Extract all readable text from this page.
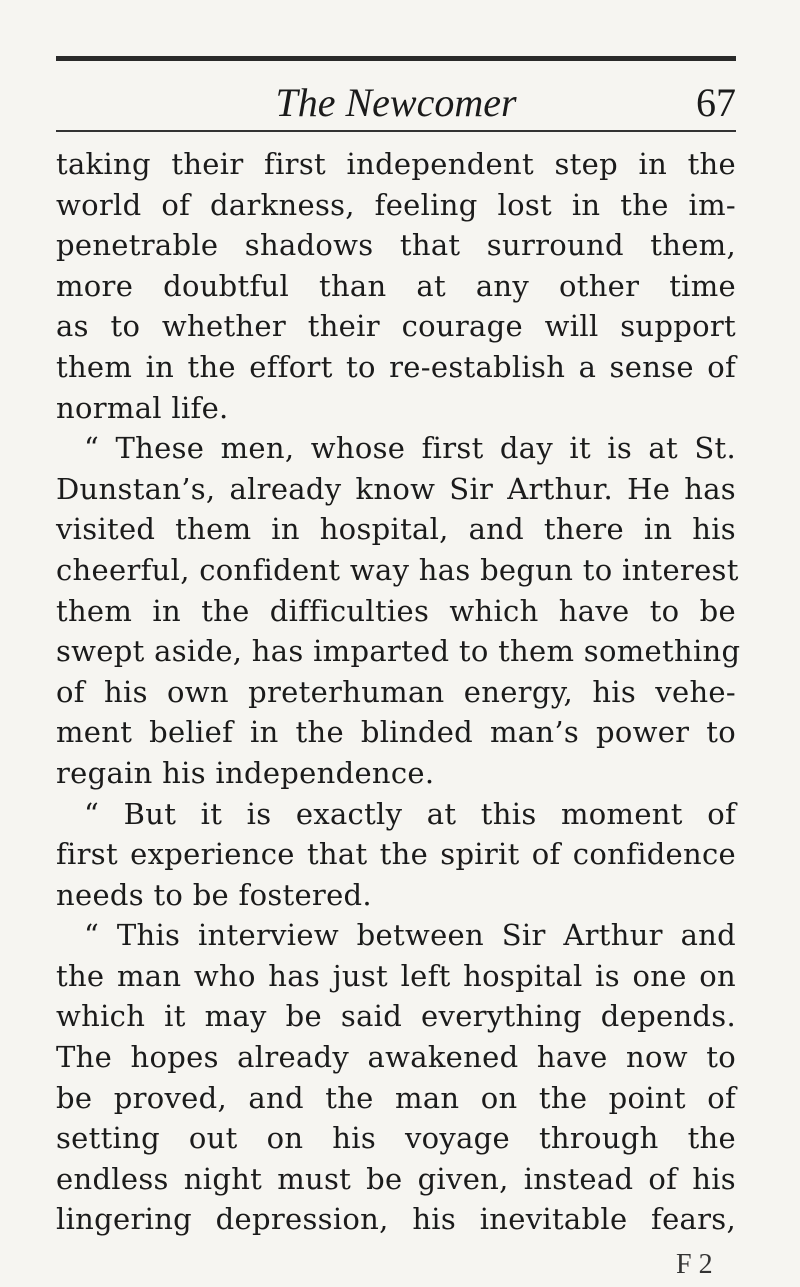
The Newcomer	67
taking their first independent step in the
world of darkness, feeling lost in the im-
penetrable shadows that surround them,
more doubtful than at any other time
as to whether their courage will support
them in the effort to re-establish a sense of
normal life.
“ These men, whose first day it is at St.
Dunstan’s, already know Sir Arthur. He has
visited them in hospital, and there in his
cheerful, confident way has begun to interest
them in the difficulties which have to be
swept aside, has imparted to them something
of his own preterhuman energy, his vehe-
ment belief in the blinded man’s power to
regain his independence.
“ But it is exactly at this moment of
first experience that the spirit of confidence
needs to be fostered.
“ This interview between Sir Arthur and
the man who has just left hospital is one on
which it may be said everything depends.
The hopes already awakened have now to
be proved, and the man on the point of
setting out on his voyage through the
endless night must be given, instead of his
lingering depression, his inevitable fears,
F 2
